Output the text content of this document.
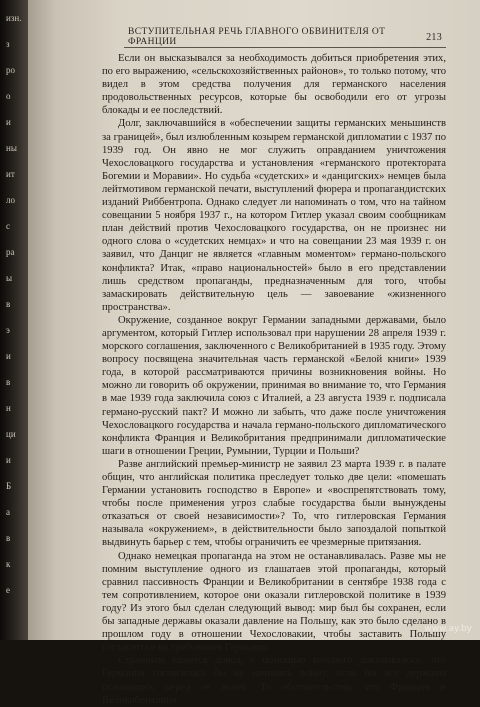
изн.
з
ро
о
и
ны
ит
ло
с
ра
ы
в
э
и
в
н
ци
и
Б
а
в
к
е
ВСТУПИТЕЛЬНАЯ РЕЧЬ ГЛАВНОГО ОБВИНИТЕЛЯ ОТ ФРАНЦИИ	213

Если он высказывался за необходимость добиться приобретения этих, по его выражению, «сельскохозяйственных районов», то только потому, что видел в этом средства получения для германского населения продовольственных ресурсов, которые бы освободили его от угрозы блокады и ее последствий.

Долг, заключавшийся в «обеспечении защиты германских меньшинств за границей», был излюбленным козырем германской дипломатии с 1937 по 1939 год. Он явно не мог служить оправданием уничтожения Чехословацкого государства и установления «германского протектората Богемии и Моравии». Но судьба «судетских» и «данцигских» немцев была лейтмотивом германской печати, выступлений фюрера и пропагандистских изданий Риббентропа. Однако следует ли напоминать о том, что на тайном совещании 5 ноября 1937 г., на котором Гитлер указал своим сообщникам план действий против Чехословацкого государства, он не произнес ни одного слова о «судетских немцах» и что на совещании 23 мая 1939 г. он заявил, что Данциг не является «главным моментом» германо-польского конфликта? Итак, «право национальностей» было в его представлении лишь средством пропаганды, предназначенным для того, чтобы замаскировать действительную цель — завоевание «жизненного пространства».

Окружение, созданное вокруг Германии западными державами, было аргументом, который Гитлер использовал при нарушении 28 апреля 1939 г. морского соглашения, заключенного с Великобританией в 1935 году. Этому вопросу посвящена значительная часть германской «Белой книги» 1939 года, в которой рассматриваются причины возникновения войны. Но можно ли говорить об окружении, принимая во внимание то, что Германия в мае 1939 года заключила союз с Италией, а 23 августа 1939 г. подписала германо-русский пакт? И можно ли забыть, что даже после уничтожения Чехословацкого государства и начала германо-польского дипломатического конфликта Франция и Великобритания предпринимали дипломатические шаги в отношении Греции, Румынии, Турции и Польши?

Разве английский премьер-министр не заявил 23 марта 1939 г. в палате общин, что английская политика преследует только две цели: «помешать Германии установить господство в Европе» и «воспрепятствовать тому, чтобы после применения угроз слабые государства были вынуждены отказаться от своей независимости»? То, что гитлеровская Германия называла «окружением», в действительности было запоздалой попыткой выдвинуть барьер с тем, чтобы ограничить ее чрезмерные притязания.

Однако немецкая пропаганда на этом не останавливалась. Разве мы не помним выступление одного из глашатаев этой пропаганды, который сравнил пассивность Франции и Великобритании в сентябре 1938 года с тем сопротивлением, которое они оказали гитлеровской политике в 1939 году? Из этого был сделан следующий вывод: мир был бы сохранен, если бы западные державы оказали давление на Польшу, как это было сделано в прошлом году в отношении Чехословакии, чтобы заставить Польшу согласиться на требования Германии.

Странным кажется довод, с помощью которого доказывалось, что Германия согласилась бы не начинать войну, если бы все державы склонились перед ее волей. То обстоятельство, что Франция и Великобритания

www.ay.by
